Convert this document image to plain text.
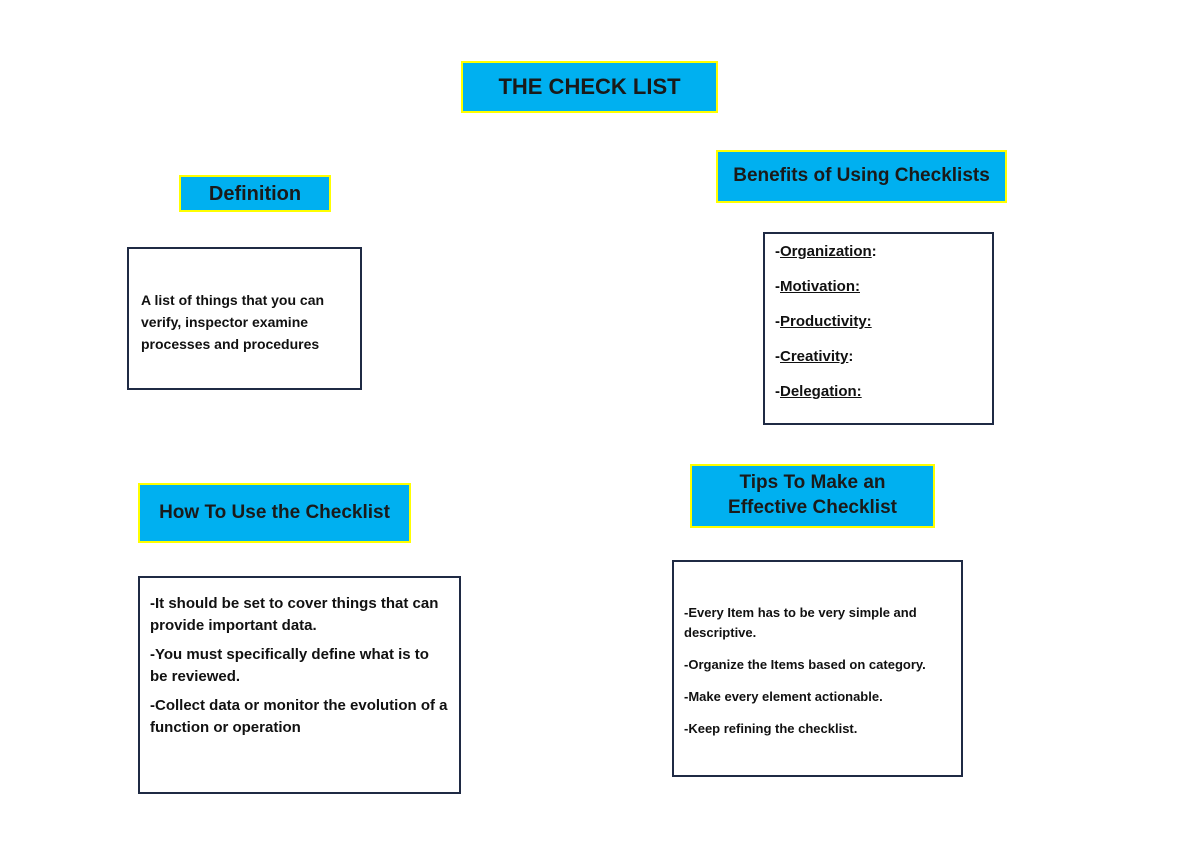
THE CHECK LIST
Definition

A list of things that you can verify, inspector examine processes and procedures

Benefits of Using Checklists

-Organization:

-Motivation:

-Productivity:

-Creativity:

-Delegation:

How To Use the Checklist

-It should be set to cover things that can provide important data.

-You must specifically define what is to be reviewed.

-Collect data or monitor the evolution of a function or operation

Tips To Make an
Effective Checklist

-Every Item has to be very simple and descriptive.

-Organize the Items based on category.

-Make every element actionable.

-Keep refining the checklist.
